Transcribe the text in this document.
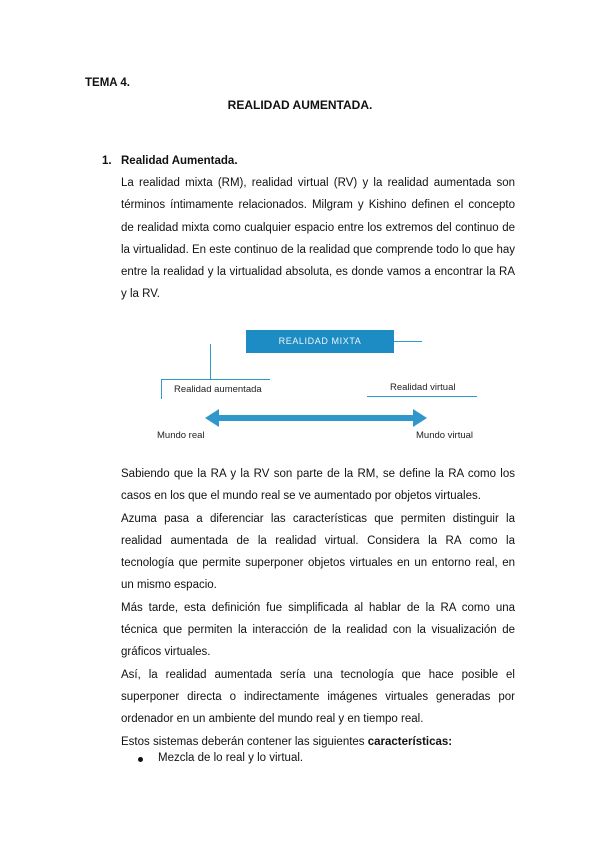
TEMA 4.
REALIDAD AUMENTADA.
1. Realidad Aumentada.

La realidad mixta (RM), realidad virtual (RV) y la realidad aumentada son términos íntimamente relacionados. Milgram y Kishino definen el concepto de realidad mixta como cualquier espacio entre los extremos del continuo de la virtualidad. En este continuo de la realidad que comprende todo lo que hay entre la realidad y la virtualidad absoluta, es donde vamos a encontrar la RA y la RV.

REALIDAD MIXTA
Realidad aumentada	Realidad virtual
Mundo real	Mundo virtual

Sabiendo que la RA y la RV son parte de la RM, se define la RA como los casos en los que el mundo real se ve aumentado por objetos virtuales.

Azuma pasa a diferenciar las características que permiten distinguir la realidad aumentada de la realidad virtual. Considera la RA como la tecnología que permite superponer objetos virtuales en un entorno real, en un mismo espacio.

Más tarde, esta definición fue simplificada al hablar de la RA como una técnica que permiten la interacción de la realidad con la visualización de gráficos virtuales.

Así, la realidad aumentada sería una tecnología que hace posible el superponer directa o indirectamente imágenes virtuales generadas por ordenador en un ambiente del mundo real y en tiempo real.

Estos sistemas deberán contener las siguientes características:

Mezcla de lo real y lo virtual.
